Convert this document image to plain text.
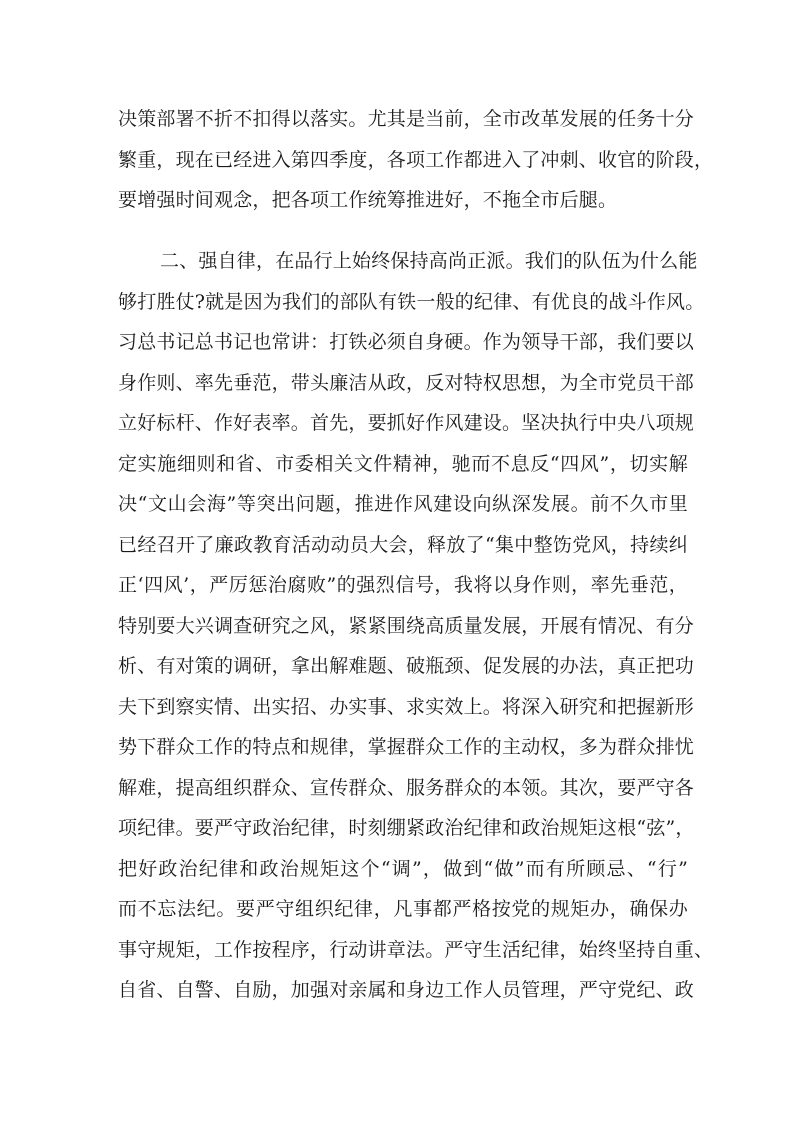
决策部署不折不扣得以落实。尤其是当前，全市改革发展的任务十分
繁重，现在已经进入第四季度，各项工作都进入了冲刺、收官的阶段，
要增强时间观念，把各项工作统筹推进好，不拖全市后腿。
二、强自律，在品行上始终保持高尚正派。我们的队伍为什么能
够打胜仗?就是因为我们的部队有铁一般的纪律、有优良的战斗作风。
习总书记总书记也常讲：打铁必须自身硬。作为领导干部，我们要以
身作则、率先垂范，带头廉洁从政，反对特权思想，为全市党员干部
立好标杆、作好表率。首先，要抓好作风建设。坚决执行中央八项规
定实施细则和省、市委相关文件精神，驰而不息反“四风”，切实解
决“文山会海”等突出问题，推进作风建设向纵深发展。前不久市里
已经召开了廉政教育活动动员大会，释放了“集中整饬党风，持续纠
正‘四风’，严厉惩治腐败”的强烈信号，我将以身作则，率先垂范，
特别要大兴调查研究之风，紧紧围绕高质量发展，开展有情况、有分
析、有对策的调研，拿出解难题、破瓶颈、促发展的办法，真正把功
夫下到察实情、出实招、办实事、求实效上。将深入研究和把握新形
势下群众工作的特点和规律，掌握群众工作的主动权，多为群众排忧
解难，提高组织群众、宣传群众、服务群众的本领。其次，要严守各
项纪律。要严守政治纪律，时刻绷紧政治纪律和政治规矩这根“弦”，
把好政治纪律和政治规矩这个“调”，做到“做”而有所顾忌、“行”
而不忘法纪。要严守组织纪律，凡事都严格按党的规矩办，确保办
事守规矩，工作按程序，行动讲章法。严守生活纪律，始终坚持自重、
自省、自警、自励，加强对亲属和身边工作人员管理，严守党纪、政
